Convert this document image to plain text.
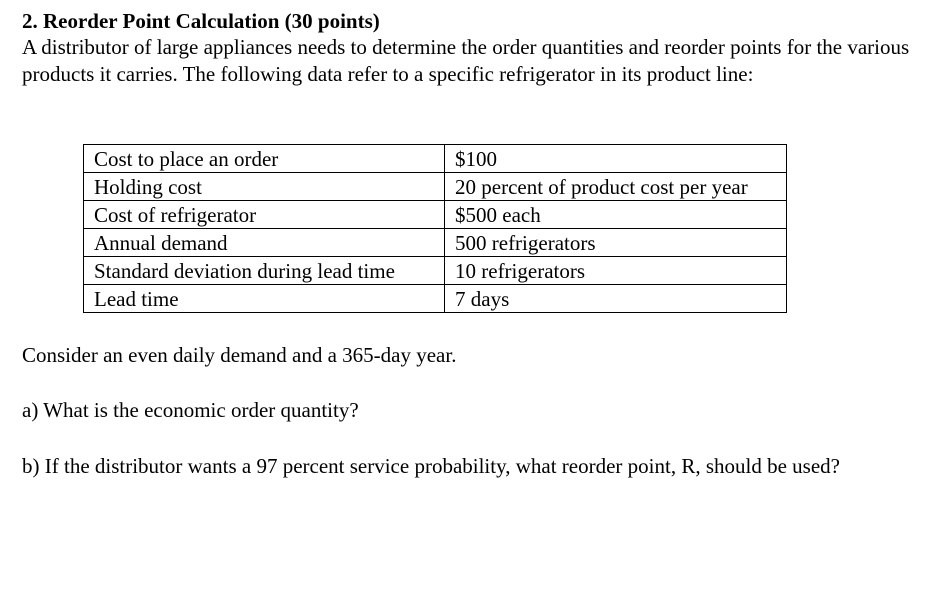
2. Reorder Point Calculation (30 points)

A distributor of large appliances needs to determine the order quantities and reorder points for the various products it carries. The following data refer to a specific refrigerator in its product line:

Cost to place an order	$100
Holding cost	20 percent of product cost per year
Cost of refrigerator	$500 each
Annual demand	500 refrigerators
Standard deviation during lead time	10 refrigerators
Lead time	7 days
Consider an even daily demand and a 365-day year.
a) What is the economic order quantity?
b) If the distributor wants a 97 percent service probability, what reorder point, R, should be used?
